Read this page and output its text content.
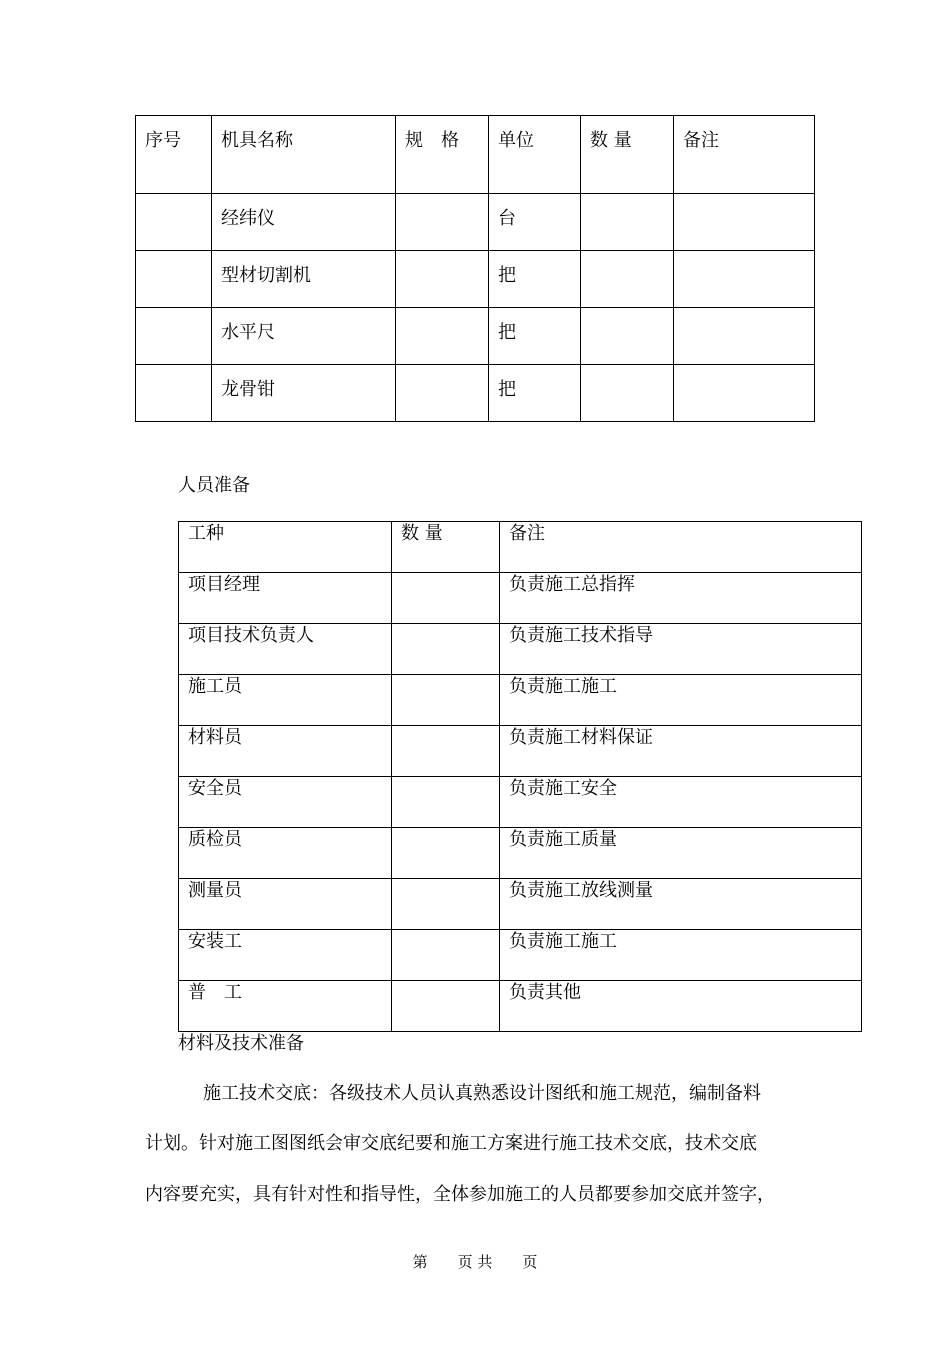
序号	机具名称	规　格	单位	数 量	备注
	经纬仪		台		
	型材切割机		把		
	水平尺		把		
	龙骨钳		把		
人员准备
工种	数 量	备注
项目经理		负责施工总指挥
项目技术负责人		负责施工技术指导
施工员		负责施工施工
材料员		负责施工材料保证
安全员		负责施工安全
质检员		负责施工质量
测量员		负责施工放线测量
安装工		负责施工施工
普　工		负责其他
材料及技术准备
施工技术交底：各级技术人员认真熟悉设计图纸和施工规范，编制备料
计划。针对施工图图纸会审交底纪要和施工方案进行施工技术交底，技术交底
内容要充实，具有针对性和指导性，全体参加施工的人员都要参加交底并签字，
第　　页 共　　页
